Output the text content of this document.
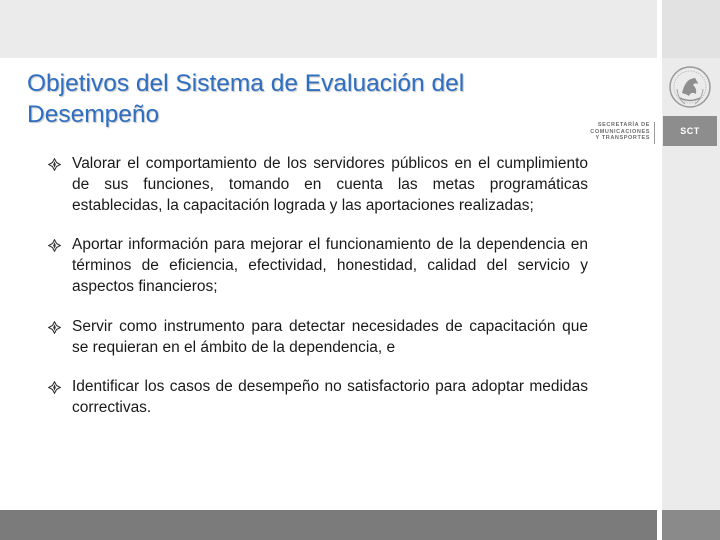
Objetivos del Sistema de Evaluación del Desempeño	SECRETARÍA DE
COMUNICACIONES
Y TRANSPORTES
SCT
Valorar el comportamiento de los servidores públicos en el cumplimiento de sus funciones, tomando en cuenta las metas programáticas establecidas, la capacitación lograda y las aportaciones realizadas;
Aportar información para mejorar el funcionamiento de la dependencia en términos de eficiencia, efectividad, honestidad, calidad del servicio y aspectos financieros;
Servir como instrumento para detectar necesidades de capacitación que se requieran en el ámbito de la dependencia, e
Identificar los casos de desempeño no satisfactorio para adoptar medidas correctivas.
